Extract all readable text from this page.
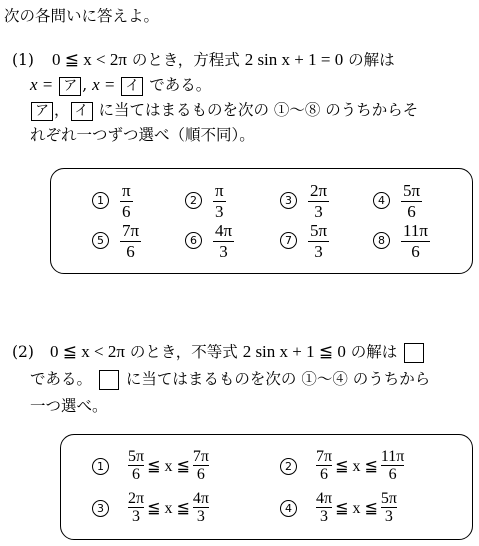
次の各問いに答えよ。
(1) 0 ≦ x < 2π のとき，方程式 2 sin x + 1 = 0 の解は
x = ア , x = イ である。
ア ， イ に当てはまるものを次の ①〜⑧ のうちからそ
れぞれ一つずつ選べ（順不同）。
1
π
6
2
π
3
3
2π
3
4
5π
6
5
7π
6
6
4π
3
7
5π
3
8
11π
6
(2) 0 ≦ x < 2π のとき，不等式 2 sin x + 1 ≦ 0 の解は
である。 に当てはまるものを次の ①〜④ のうちから
一つ選べ。
1
5π
6 ≦ x ≦
7π
6	2
7π
6 ≦ x ≦
11π
6
3
2π
3 ≦ x ≦
4π
3	4
4π
3 ≦ x ≦
5π
3
